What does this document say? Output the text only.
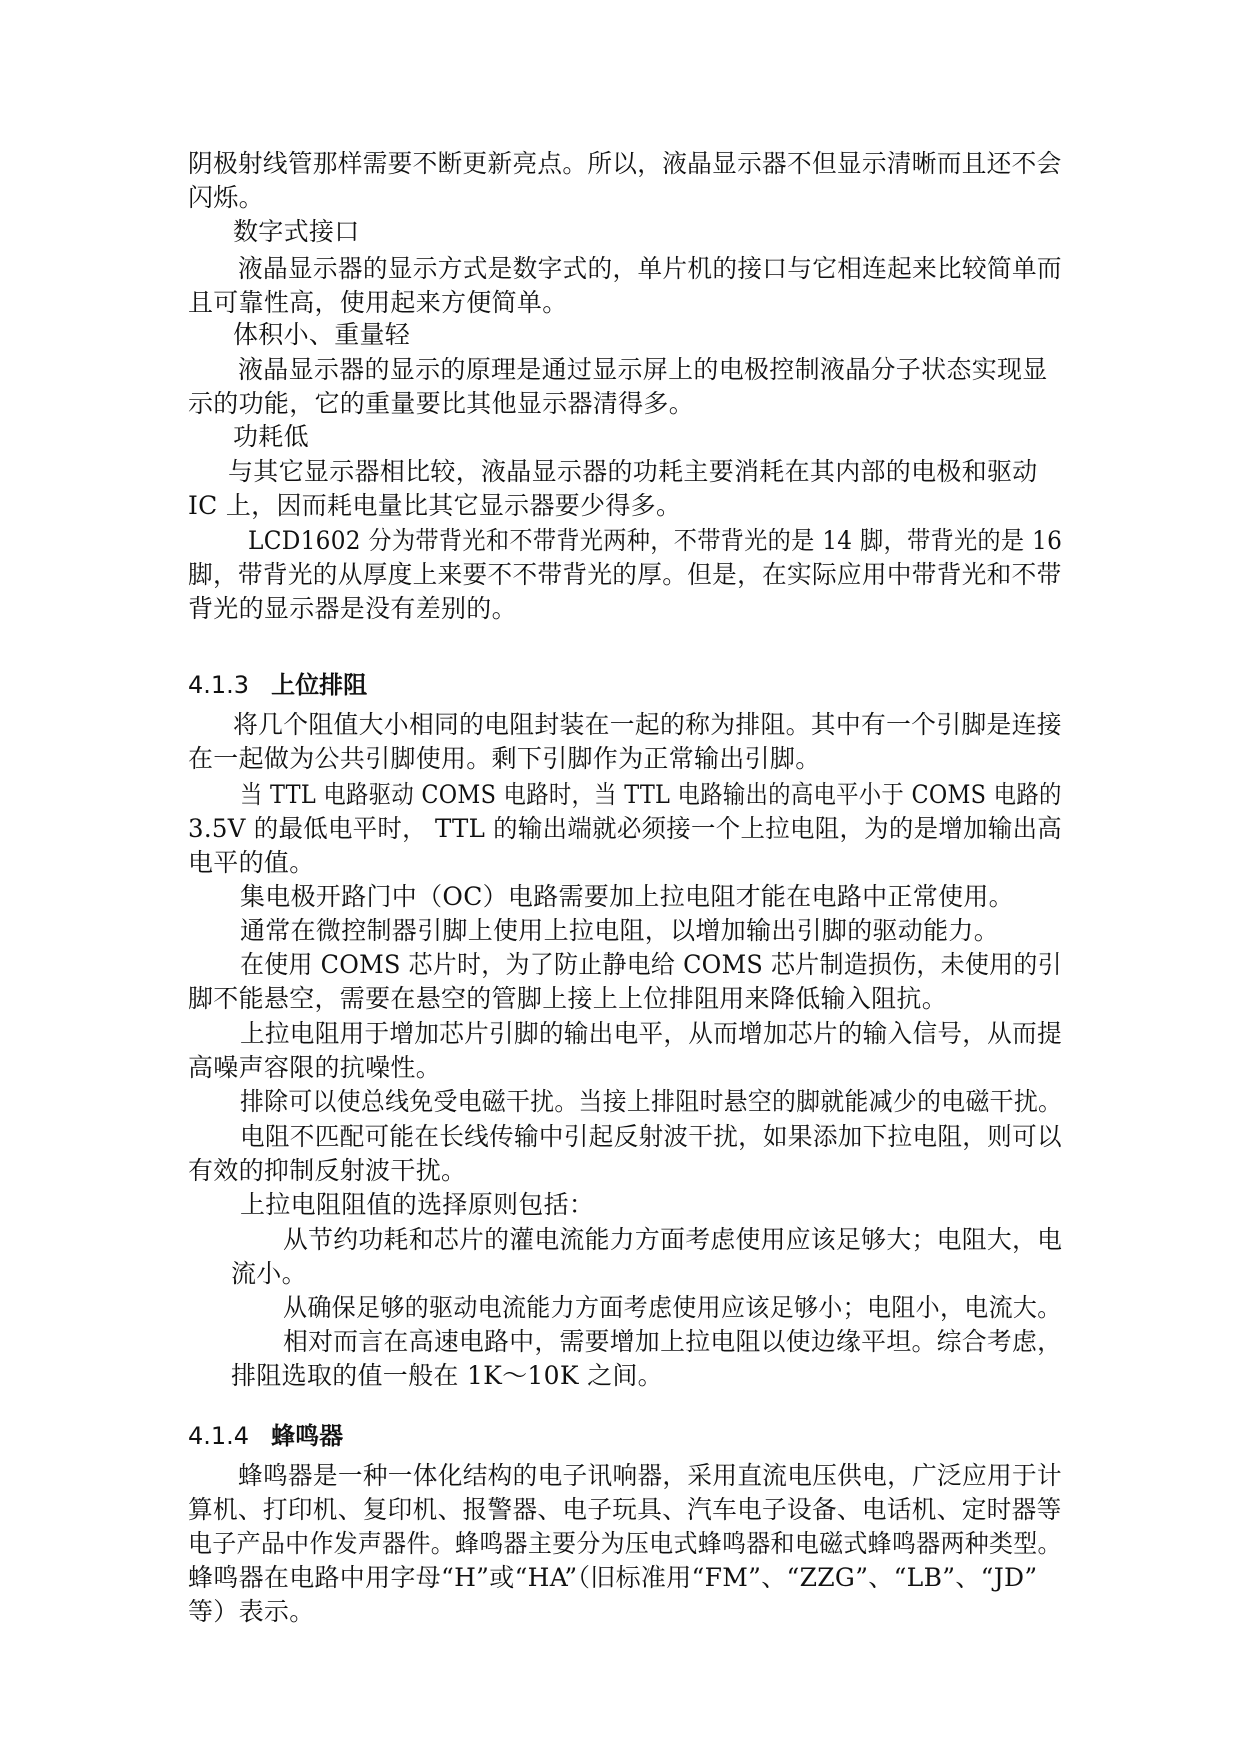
阴极射线管那样需要不断更新亮点。所以，液晶显示器不但显示清晰而且还不会
闪烁。
数字式接口
液晶显示器的显示方式是数字式的，单片机的接口与它相连起来比较简单而
且可靠性高，使用起来方便简单。
体积小、重量轻
液晶显示器的显示的原理是通过显示屏上的电极控制液晶分子状态实现显
示的功能，它的重量要比其他显示器清得多。
功耗低
与其它显示器相比较，液晶显示器的功耗主要消耗在其内部的电极和驱动
IC 上，因而耗电量比其它显示器要少得多。
LCD1602 分为带背光和不带背光两种，不带背光的是 14 脚，带背光的是 16
脚，带背光的从厚度上来要不不带背光的厚。但是，在实际应用中带背光和不带
背光的显示器是没有差别的。
4.1.3 上位排阻
将几个阻值大小相同的电阻封装在一起的称为排阻。其中有一个引脚是连接
在一起做为公共引脚使用。剩下引脚作为正常输出引脚。
当 TTL 电路驱动 COMS 电路时，当 TTL 电路输出的高电平小于 COMS 电路的
3.5V 的最低电平时， TTL 的输出端就必须接一个上拉电阻，为的是增加输出高
电平的值。
集电极开路门中（OC）电路需要加上拉电阻才能在电路中正常使用。
通常在微控制器引脚上使用上拉电阻，以增加输出引脚的驱动能力。
在使用 COMS 芯片时，为了防止静电给 COMS 芯片制造损伤，未使用的引
脚不能悬空，需要在悬空的管脚上接上上位排阻用来降低输入阻抗。
上拉电阻用于增加芯片引脚的输出电平，从而增加芯片的输入信号，从而提
高噪声容限的抗噪性。
排除可以使总线免受电磁干扰。当接上排阻时悬空的脚就能减少的电磁干扰。
电阻不匹配可能在长线传输中引起反射波干扰，如果添加下拉电阻，则可以
有效的抑制反射波干扰。
上拉电阻阻值的选择原则包括：
从节约功耗和芯片的灌电流能力方面考虑使用应该足够大；电阻大，电
流小。
从确保足够的驱动电流能力方面考虑使用应该足够小；电阻小，电流大。
相对而言在高速电路中，需要增加上拉电阻以使边缘平坦。综合考虑，
排阻选取的值一般在 1K～10K 之间。
4.1.4 蜂鸣器
蜂鸣器是一种一体化结构的电子讯响器，采用直流电压供电，广泛应用于计
算机、打印机、复印机、报警器、电子玩具、汽车电子设备、电话机、定时器等
电子产品中作发声器件。蜂鸣器主要分为压电式蜂鸣器和电磁式蜂鸣器两种类型。
蜂鸣器在电路中用字母“H”或“HA”（旧标准用“FM”、“ZZG”、“LB”、“JD”
等）表示。
